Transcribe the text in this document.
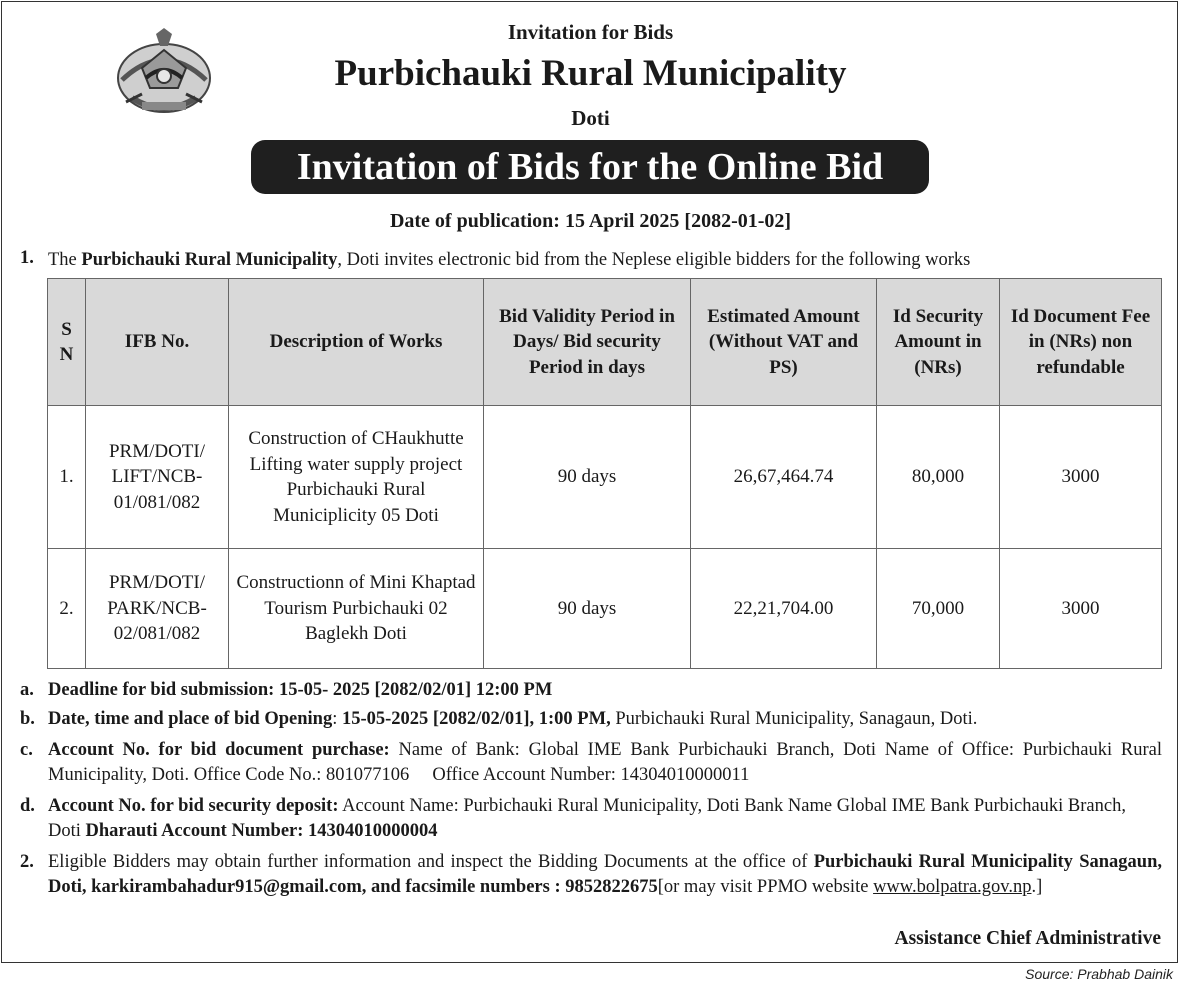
Invitation for Bids
Purbichauki Rural Municipality
Doti
Invitation of Bids for the Online Bid
Date of publication: 15 April 2025 [2082-01-02]
1. The Purbichauki Rural Municipality, Doti invites electronic bid from the Neplese eligible bidders for the following works
S N	IFB No.	Description of Works	Bid Validity Period in Days/ Bid security Period in days	Estimated Amount (Without VAT and PS)	Id Security Amount in (NRs)	Id Document Fee in (NRs) non refundable
1.	PRM/DOTI/ LIFT/NCB-01/081/082	Construction of CHaukhutte Lifting water supply project Purbichauki Rural Municiplicity 05 Doti	90 days	26,67,464.74	80,000	3000
2.	PRM/DOTI/ PARK/NCB-02/081/082	Constructionn of Mini Khaptad Tourism Purbichauki 02 Baglekh Doti	90 days	22,21,704.00	70,000	3000
a. Deadline for bid submission: 15-05- 2025 [2082/02/01] 12:00 PM
b. Date, time and place of bid Opening: 15-05-2025 [2082/02/01], 1:00 PM, Purbichauki Rural Municipality, Sanagaun, Doti.
c. Account No. for bid document purchase: Name of Bank: Global IME Bank Purbichauki Branch, Doti Name of Office: Purbichauki Rural Municipality, Doti. Office Code No.: 801077106     Office Account Number: 14304010000011
d. Account No. for bid security deposit: Account Name: Purbichauki Rural Municipality, Doti Bank Name Global IME Bank Purbichauki Branch, Doti Dharauti Account Number: 14304010000004
2. Eligible Bidders may obtain further information and inspect the Bidding Documents at the office of Purbichauki Rural Municipality Sanagaun, Doti, karkirambahadur915@gmail.com, and facsimile numbers : 9852822675[or may visit PPMO website www.bolpatra.gov.np.]
Assistance Chief Administrative
Source: Prabhab Dainik
